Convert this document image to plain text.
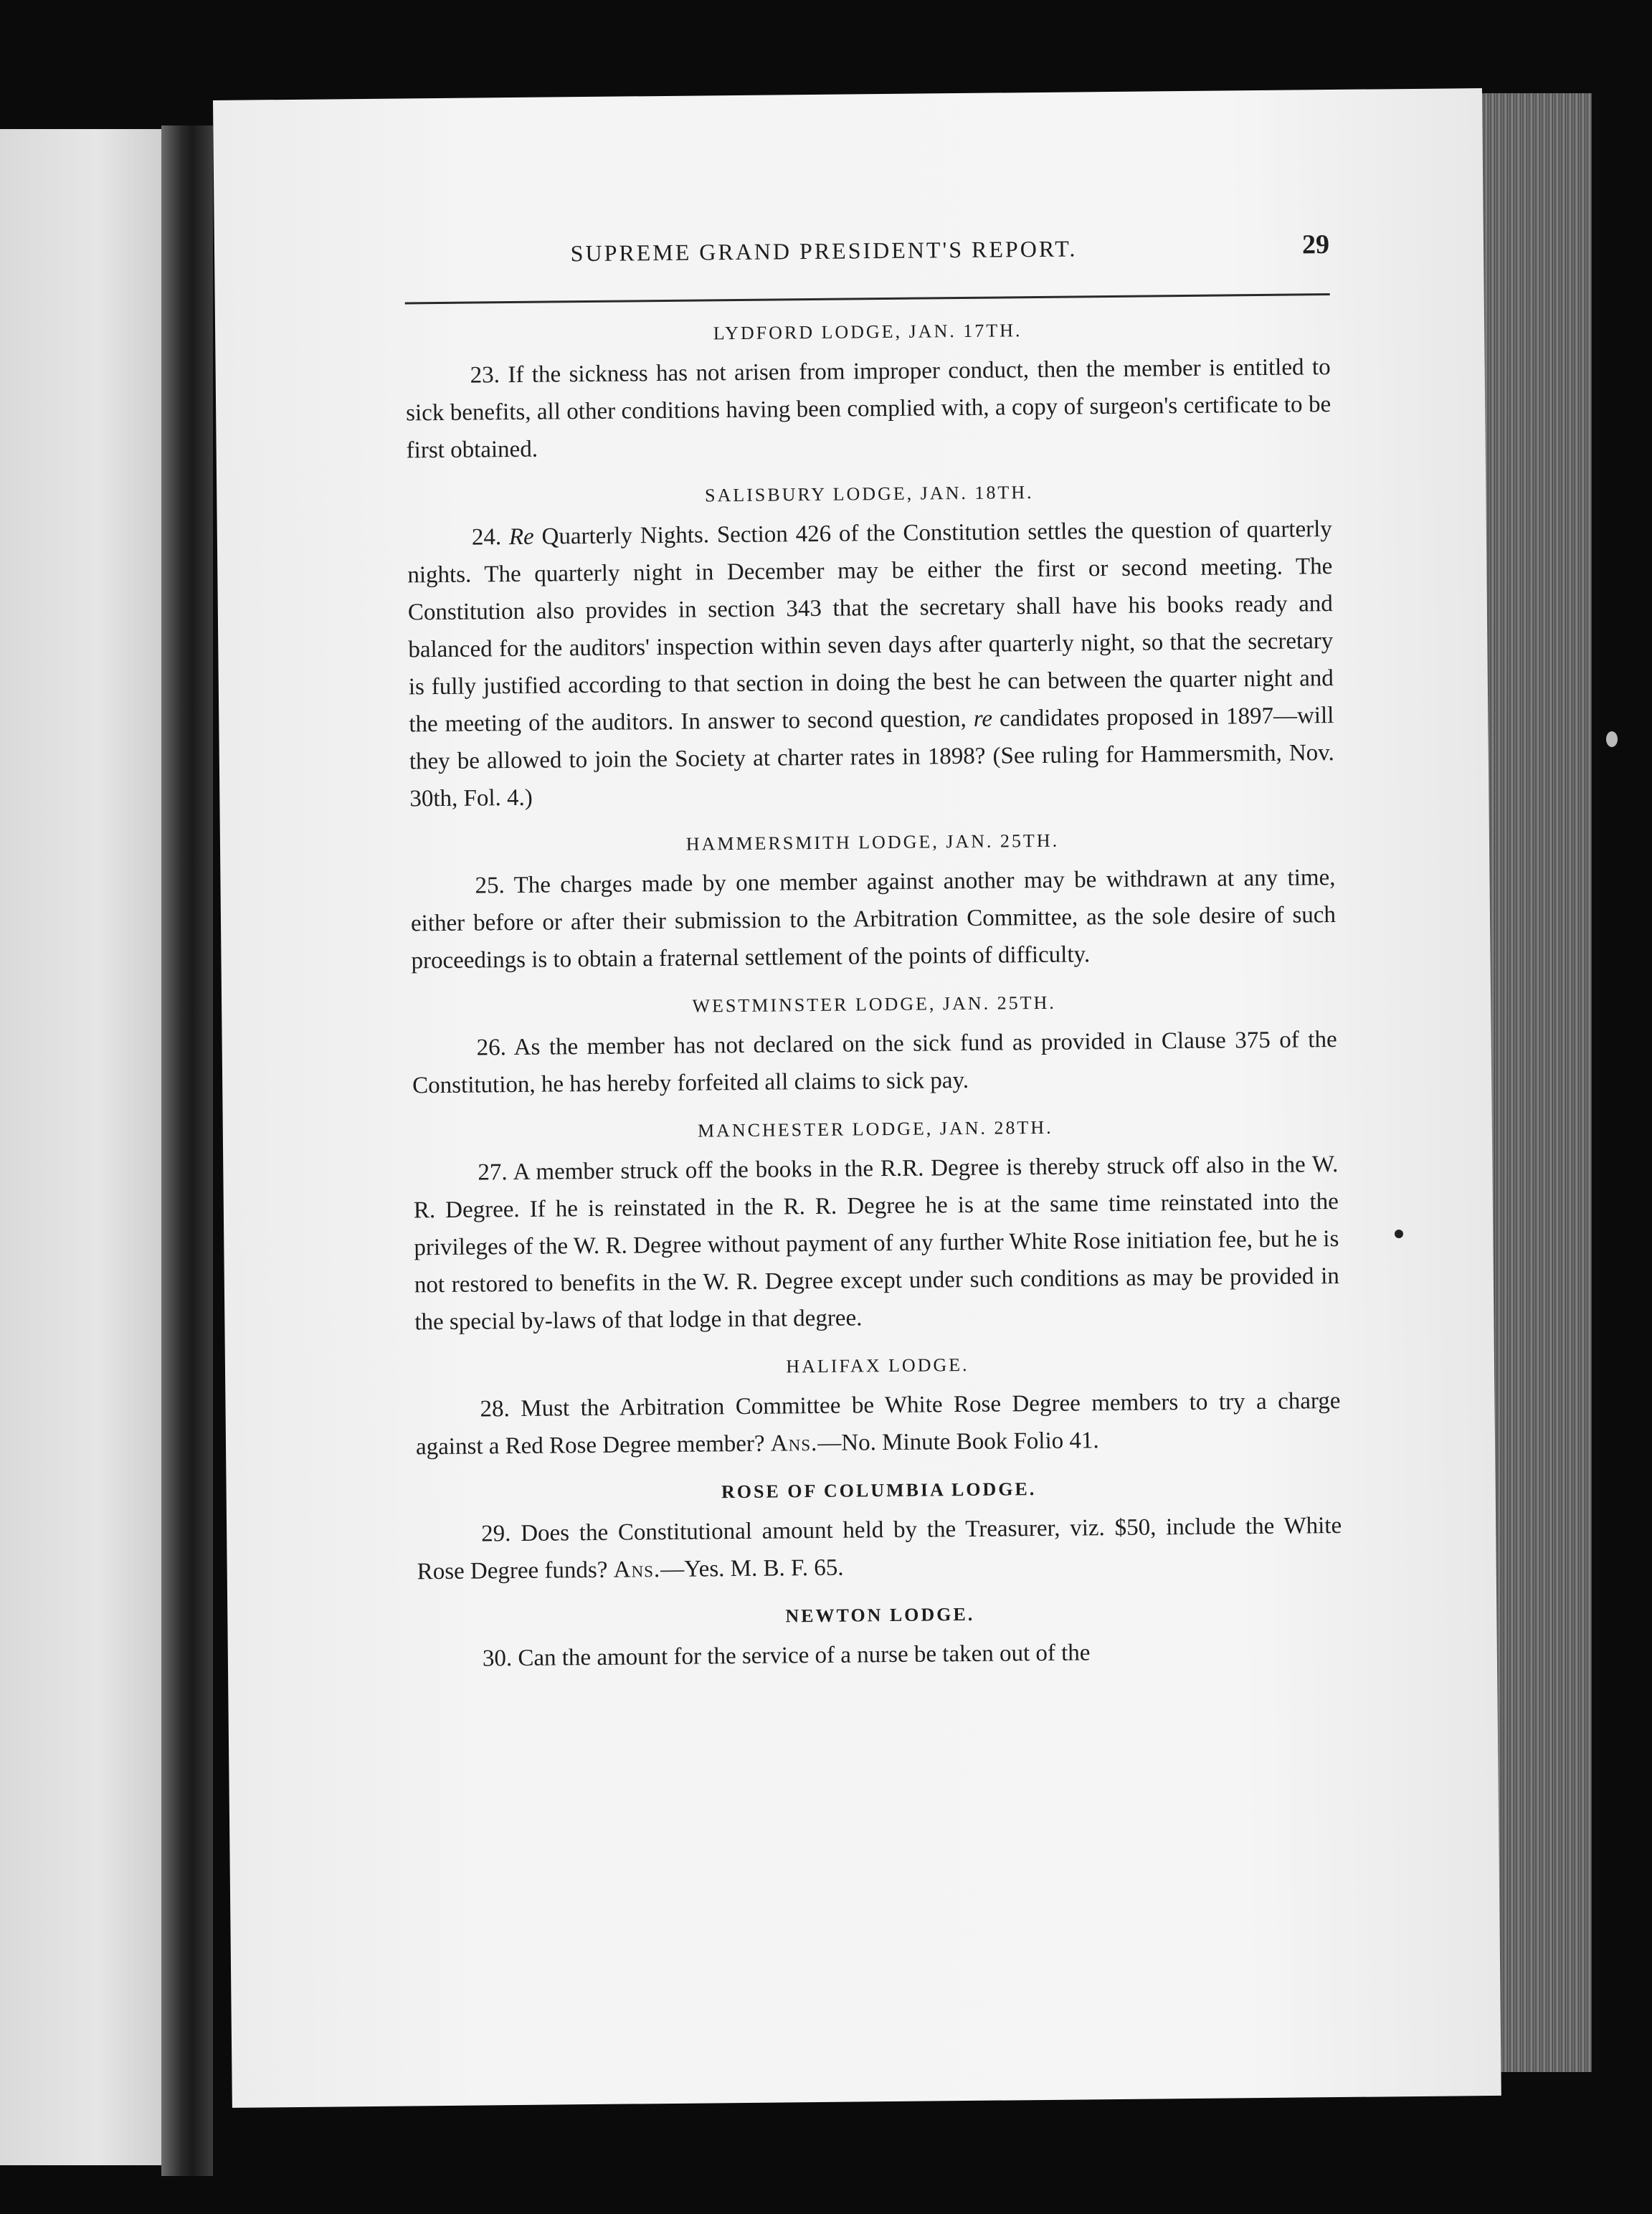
SUPREME GRAND PRESIDENT'S REPORT.	29
LYDFORD LODGE, JAN. 17TH.

23. If the sickness has not arisen from improper conduct, then the member is entitled to sick benefits, all other conditions having been complied with, a copy of surgeon's certificate to be first obtained.

SALISBURY LODGE, JAN. 18TH.

24. Re Quarterly Nights. Section 426 of the Constitution settles the question of quarterly nights. The quarterly night in December may be either the first or second meeting. The Constitution also provides in section 343 that the secretary shall have his books ready and balanced for the auditors' inspection within seven days after quarterly night, so that the secretary is fully justified according to that section in doing the best he can between the quarter night and the meeting of the auditors. In answer to second question, re candidates proposed in 1897—will they be allowed to join the Society at charter rates in 1898? (See ruling for Hammersmith, Nov. 30th, Fol. 4.)

HAMMERSMITH LODGE, JAN. 25TH.

25. The charges made by one member against another may be withdrawn at any time, either before or after their submission to the Arbitration Committee, as the sole desire of such proceedings is to obtain a fraternal settlement of the points of difficulty.

WESTMINSTER LODGE, JAN. 25TH.

26. As the member has not declared on the sick fund as provided in Clause 375 of the Constitution, he has hereby forfeited all claims to sick pay.

MANCHESTER LODGE, JAN. 28TH.

27. A member struck off the books in the R.R. Degree is thereby struck off also in the W. R. Degree. If he is reinstated in the R. R. Degree he is at the same time reinstated into the privileges of the W. R. Degree without payment of any further White Rose initiation fee, but he is not restored to benefits in the W. R. Degree except under such conditions as may be provided in the special by-laws of that lodge in that degree.

HALIFAX LODGE.

28. Must the Arbitration Committee be White Rose Degree members to try a charge against a Red Rose Degree member? Ans.—No. Minute Book Folio 41.

ROSE OF COLUMBIA LODGE.

29. Does the Constitutional amount held by the Treasurer, viz. $50, include the White Rose Degree funds? Ans.—Yes. M. B. F. 65.

NEWTON LODGE.

30. Can the amount for the service of a nurse be taken out of the
